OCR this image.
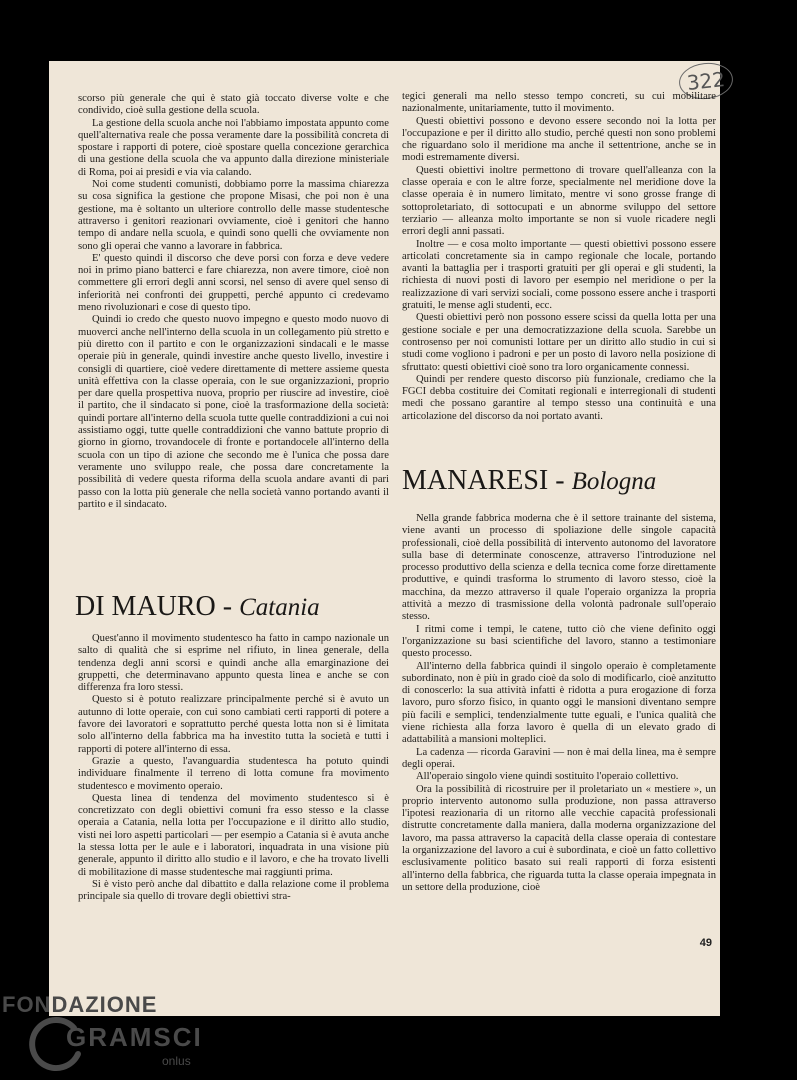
322

scorso più generale che qui è stato già toccato diverse volte e che condivido, cioè sulla gestione della scuola.

La gestione della scuola anche noi l'abbiamo impostata appunto come quell'alternativa reale che possa veramente dare la possibilità concreta di spostare i rapporti di potere, cioè spostare quella concezione gerarchica di una gestione della scuola che va appunto dalla direzione ministeriale di Roma, poi ai presidi e via via calando.

Noi come studenti comunisti, dobbiamo porre la massima chiarezza su cosa significa la gestione che propone Misasi, che poi non è una gestione, ma è soltanto un ulteriore controllo delle masse studentesche attraverso i genitori reazionari ovviamente, cioè i genitori che hanno tempo di andare nella scuola, e quindi sono quelli che ovviamente non sono gli operai che vanno a lavorare in fabbrica.

E' questo quindi il discorso che deve porsi con forza e deve vedere noi in primo piano batterci e fare chiarezza, non avere timore, cioè non commettere gli errori degli anni scorsi, nel senso di avere quel senso di inferiorità nei confronti dei gruppetti, perché appunto ci credevamo meno rivoluzionari e cose di questo tipo.

Quindi io credo che questo nuovo impegno e questo modo nuovo di muoverci anche nell'interno della scuola in un collegamento più stretto e più diretto con il partito e con le organizzazioni sindacali e le masse operaie più in generale, quindi investire anche questo livello, investire i consigli di quartiere, cioè vedere direttamente di mettere assieme questa unità effettiva con la classe operaia, con le sue organizzazioni, proprio per dare quella prospettiva nuova, proprio per riuscire ad investire, cioè il partito, che il sindacato si pone, cioè la trasformazione della società: quindi portare all'interno della scuola tutte quelle contraddizioni a cui noi assistiamo oggi, tutte quelle contraddizioni che vanno battute proprio di giorno in giorno, trovandocele di fronte e portandocele all'interno della scuola con un tipo di azione che secondo me è l'unica che possa dare veramente uno sviluppo reale, che possa dare concretamente la possibilità di vedere questa riforma della scuola andare avanti di pari passo con la lotta più generale che nella società vanno portando avanti il partito e il sindacato.

DI MAURO - Catania

Quest'anno il movimento studentesco ha fatto in campo nazionale un salto di qualità che si esprime nel rifiuto, in linea generale, della tendenza degli anni scorsi e quindi anche alla emarginazione dei gruppetti, che determinavano appunto questa linea e anche se con differenza fra loro stessi.

Questo si è potuto realizzare principalmente perché si è avuto un autunno di lotte operaie, con cui sono cambiati certi rapporti di potere a favore dei lavoratori e soprattutto perché questa lotta non si è limitata solo all'interno della fabbrica ma ha investito tutta la società e tutti i rapporti di potere all'interno di essa.

Grazie a questo, l'avanguardia studentesca ha potuto quindi individuare finalmente il terreno di lotta comune fra movimento studentesco e movimento operaio.

Questa linea di tendenza del movimento studentesco si è concretizzato con degli obiettivi comuni fra esso stesso e la classe operaia a Catania, nella lotta per l'occupazione e il diritto allo studio, visti nei loro aspetti particolari — per esempio a Catania si è avuta anche la stessa lotta per le aule e i laboratori, inquadrata in una visione più generale, appunto il diritto allo studio e il lavoro, e che ha trovato livelli di mobilitazione di masse studentesche mai raggiunti prima.

Si è visto però anche dal dibattito e dalla relazione come il problema principale sia quello di trovare degli obiettivi stra-

tegici generali ma nello stesso tempo concreti, su cui mobilitare nazionalmente, unitariamente, tutto il movimento.

Questi obiettivi possono e devono essere secondo noi la lotta per l'occupazione e per il diritto allo studio, perché questi non sono problemi che riguardano solo il meridione ma anche il settentrione, anche se in modi estremamente diversi.

Questi obiettivi inoltre permettono di trovare quell'alleanza con la classe operaia e con le altre forze, specialmente nel meridione dove la classe operaia è in numero limitato, mentre vi sono grosse frange di sottoproletariato, di sottocupati e un abnorme sviluppo del settore terziario — alleanza molto importante se non si vuole ricadere negli errori degli anni passati.

Inoltre — e cosa molto importante — questi obiettivi possono essere articolati concretamente sia in campo regionale che locale, portando avanti la battaglia per i trasporti gratuiti per gli operai e gli studenti, la richiesta di nuovi posti di lavoro per esempio nel meridione o per la realizzazione di vari servizi sociali, come possono essere anche i trasporti gratuiti, le mense agli studenti, ecc.

Questi obiettivi però non possono essere scissi da quella lotta per una gestione sociale e per una democratizzazione della scuola. Sarebbe un controsenso per noi comunisti lottare per un diritto allo studio in cui si studi come vogliono i padroni e per un posto di lavoro nella posizione di sfruttato: questi obiettivi cioè sono tra loro organicamente connessi.

Quindi per rendere questo discorso più funzionale, crediamo che la FGCI debba costituire dei Comitati regionali e interregionali di studenti medi che possano garantire al tempo stesso una continuità e una articolazione del discorso da noi portato avanti.

MANARESI - Bologna

Nella grande fabbrica moderna che è il settore trainante del sistema, viene avanti un processo di spoliazione delle singole capacità professionali, cioè della possibilità di intervento autonomo del lavoratore sulla base di determinate conoscenze, attraverso l'introduzione nel processo produttivo della scienza e della tecnica come forze direttamente produttive, e quindi trasforma lo strumento di lavoro stesso, cioè la macchina, da mezzo attraverso il quale l'operaio organizza la propria attività a mezzo di trasmissione della volontà padronale sull'operaio stesso.

I ritmi come i tempi, le catene, tutto ciò che viene definito oggi l'organizzazione su basi scientifiche del lavoro, stanno a testimoniare questo processo.

All'interno della fabbrica quindi il singolo operaio è completamente subordinato, non è più in grado cioè da solo di modificarlo, cioè anzitutto di conoscerlo: la sua attività infatti è ridotta a pura erogazione di forza lavoro, puro sforzo fisico, in quanto oggi le mansioni diventano sempre più facili e semplici, tendenzialmente tutte eguali, e l'unica qualità che viene richiesta alla forza lavoro è quella di un elevato grado di adattabilità a mansioni molteplici.

La cadenza — ricorda Garavini — non è mai della linea, ma è sempre degli operai.

All'operaio singolo viene quindi sostituito l'operaio collettivo.

Ora la possibilità di ricostruire per il proletariato un « mestiere », un proprio intervento autonomo sulla produzione, non passa attraverso l'ipotesi reazionaria di un ritorno alle vecchie capacità professionali distrutte concretamente dalla maniera, dalla moderna organizzazione del lavoro, ma passa attraverso la capacità della classe operaia di contestare la organizzazione del lavoro a cui è subordinata, e cioè un fatto collettivo esclusivamente politico basato sui reali rapporti di forza esistenti all'interno della fabbrica, che riguarda tutta la classe operaia impegnata in un settore della produzione, cioè

49
FONDAZIONE
GRAMSCI
onlus
